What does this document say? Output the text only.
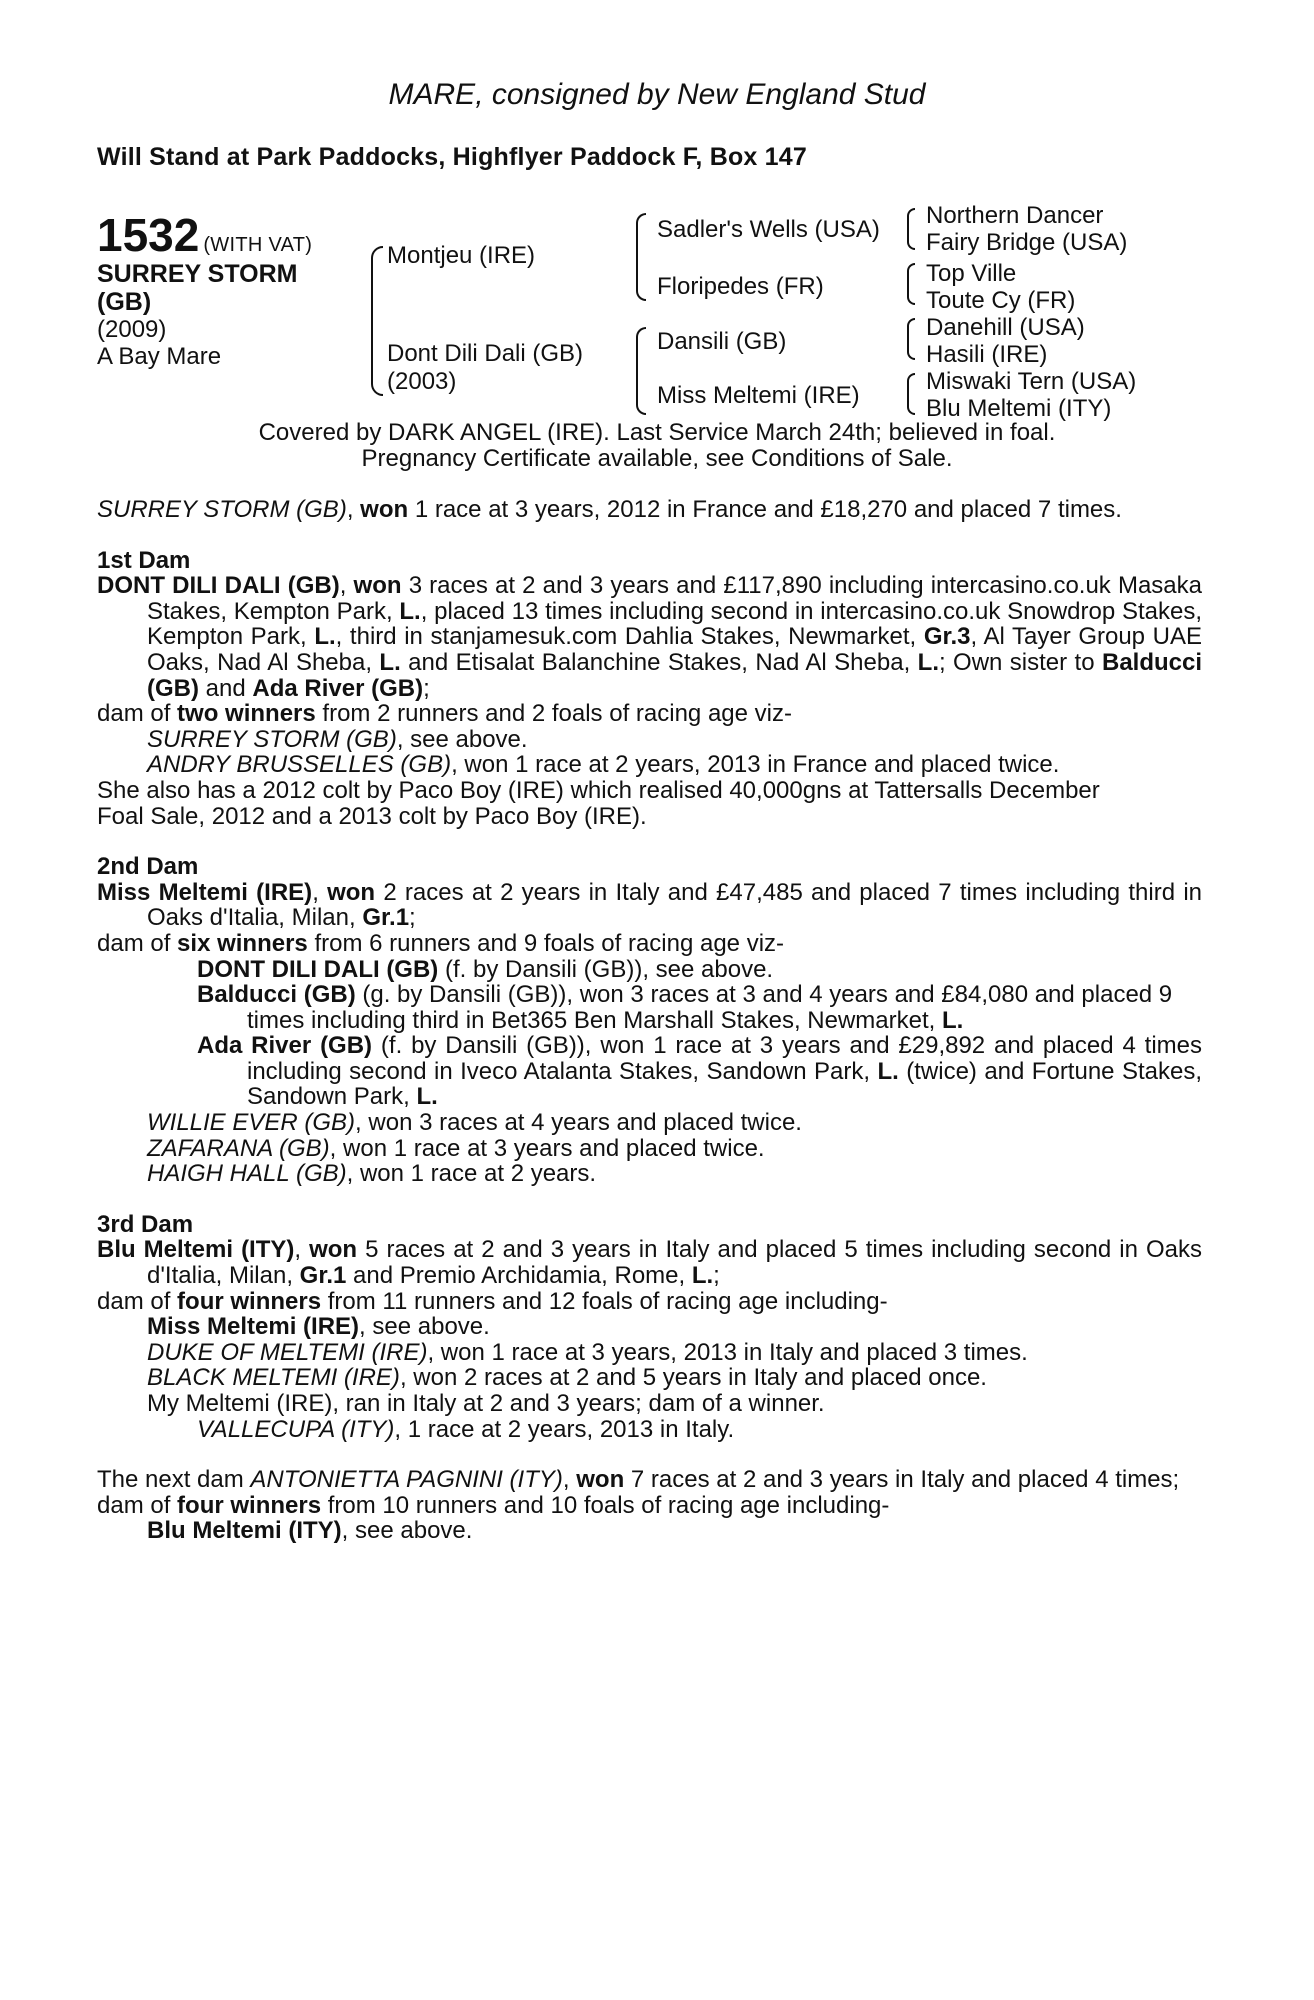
MARE, consigned by New England Stud
Will Stand at Park Paddocks, Highflyer Paddock F, Box 147
1532 (WITH VAT)
SURREY STORM
(GB)
(2009)
A Bay Mare
Montjeu (IRE)
Dont Dili Dali (GB)
(2003)
Sadler's Wells (USA)
Floripedes (FR)
Dansili (GB)
Miss Meltemi (IRE)
Northern Dancer
Fairy Bridge (USA)
Top Ville
Toute Cy (FR)
Danehill (USA)
Hasili (IRE)
Miswaki Tern (USA)
Blu Meltemi (ITY)
Covered by DARK ANGEL (IRE). Last Service March 24th; believed in foal.
Pregnancy Certificate available, see Conditions of Sale.

SURREY STORM (GB), won 1 race at 3 years, 2012 in France and £18,270 and placed 7 times.

1st Dam

DONT DILI DALI (GB), won 3 races at 2 and 3 years and £117,890 including intercasino.co.uk Masaka Stakes, Kempton Park, L., placed 13 times including second in intercasino.co.uk Snowdrop Stakes, Kempton Park, L., third in stanjamesuk.com Dahlia Stakes, Newmarket, Gr.3, Al Tayer Group UAE Oaks, Nad Al Sheba, L. and Etisalat Balanchine Stakes, Nad Al Sheba, L.; Own sister to Balducci (GB) and Ada River (GB);

dam of two winners from 2 runners and 2 foals of racing age viz-

SURREY STORM (GB), see above.

ANDRY BRUSSELLES (GB), won 1 race at 2 years, 2013 in France and placed twice.

She also has a 2012 colt by Paco Boy (IRE) which realised 40,000gns at Tattersalls December

Foal Sale, 2012 and a 2013 colt by Paco Boy (IRE).

2nd Dam

Miss Meltemi (IRE), won 2 races at 2 years in Italy and £47,485 and placed 7 times including third in Oaks d'Italia, Milan, Gr.1;

dam of six winners from 6 runners and 9 foals of racing age viz-

DONT DILI DALI (GB) (f. by Dansili (GB)), see above.

Balducci (GB) (g. by Dansili (GB)), won 3 races at 3 and 4 years and £84,080 and placed 9 times including third in Bet365 Ben Marshall Stakes, Newmarket, L.

Ada River (GB) (f. by Dansili (GB)), won 1 race at 3 years and £29,892 and placed 4 times including second in Iveco Atalanta Stakes, Sandown Park, L. (twice) and Fortune Stakes, Sandown Park, L.

WILLIE EVER (GB), won 3 races at 4 years and placed twice.

ZAFARANA (GB), won 1 race at 3 years and placed twice.

HAIGH HALL (GB), won 1 race at 2 years.

3rd Dam

Blu Meltemi (ITY), won 5 races at 2 and 3 years in Italy and placed 5 times including second in Oaks d'Italia, Milan, Gr.1 and Premio Archidamia, Rome, L.;

dam of four winners from 11 runners and 12 foals of racing age including-

Miss Meltemi (IRE), see above.

DUKE OF MELTEMI (IRE), won 1 race at 3 years, 2013 in Italy and placed 3 times.

BLACK MELTEMI (IRE), won 2 races at 2 and 5 years in Italy and placed once.

My Meltemi (IRE), ran in Italy at 2 and 3 years; dam of a winner.

VALLECUPA (ITY), 1 race at 2 years, 2013 in Italy.

The next dam ANTONIETTA PAGNINI (ITY), won 7 races at 2 and 3 years in Italy and placed 4 times;

dam of four winners from 10 runners and 10 foals of racing age including-

Blu Meltemi (ITY), see above.
